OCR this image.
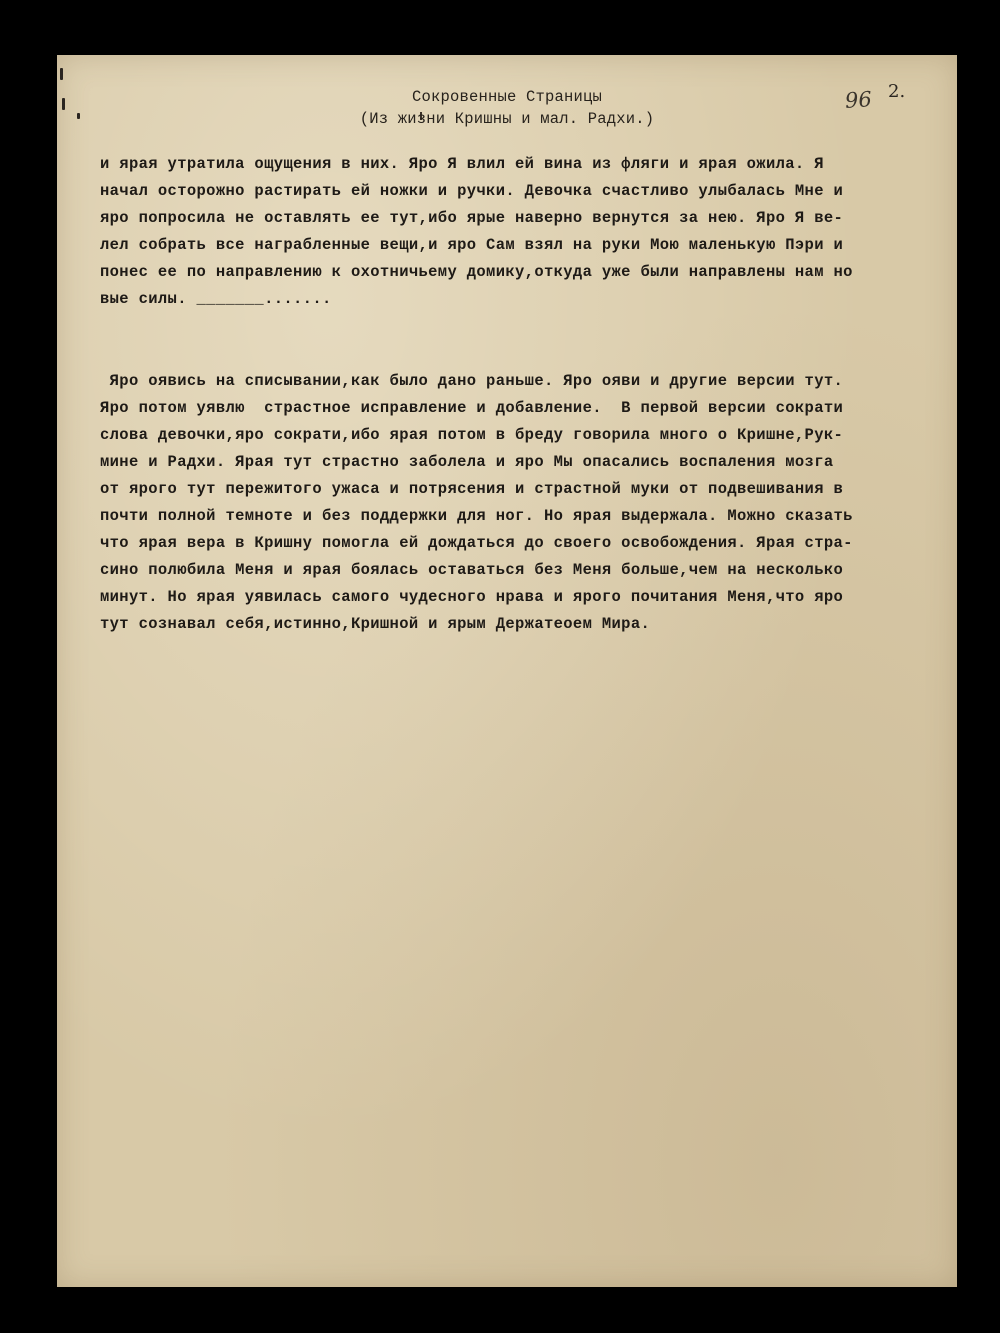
Сокровенные Страницы
(Из жизни Кришны и мал. Радхи.)
96 2.
и ярая утратила ощущения в них. Яро Я влил ей вина из фляги и ярая ожила. Я
начал осторожно растирать ей ножки и ручки. Девочка счастливо улыбалась Мне и
яро попросила не оставлять ее тут,ибо ярые наверно вернутся за нею. Яро Я ве-
лел собрать все награбленные вещи,и яро Сам взял на руки Мою маленькую Пэри и
понес ее по направлению к охотничьему домику,откуда уже были направлены нам но
вые силы. _______.......
Яро оявись на списывании,как было дано раньше. Яро ояви и другие версии тут.
Яро потом уявлю  страстное исправление и добавление.  В первой версии сократи
слова девочки,яро сократи,ибо ярая потом в бреду говорила много о Кришне,Рук-
мине и Радхи. Ярая тут страстно заболела и яро Мы опасались воспаления мозга
от ярого тут пережитого ужаса и потрясения и страстной муки от подвешивания в
почти полной темноте и без поддержки для ног. Но ярая выдержала. Можно сказать
что ярая вера в Кришну помогла ей дождаться до своего освобождения. Ярая стра-
сино полюбила Меня и ярая боялась оставаться без Меня больше,чем на несколько
минут. Но ярая уявилась самого чудесного нрава и ярого почитания Меня,что яро
тут сознавал себя,истинно,Кришной и ярым Держатеоем Мира.
